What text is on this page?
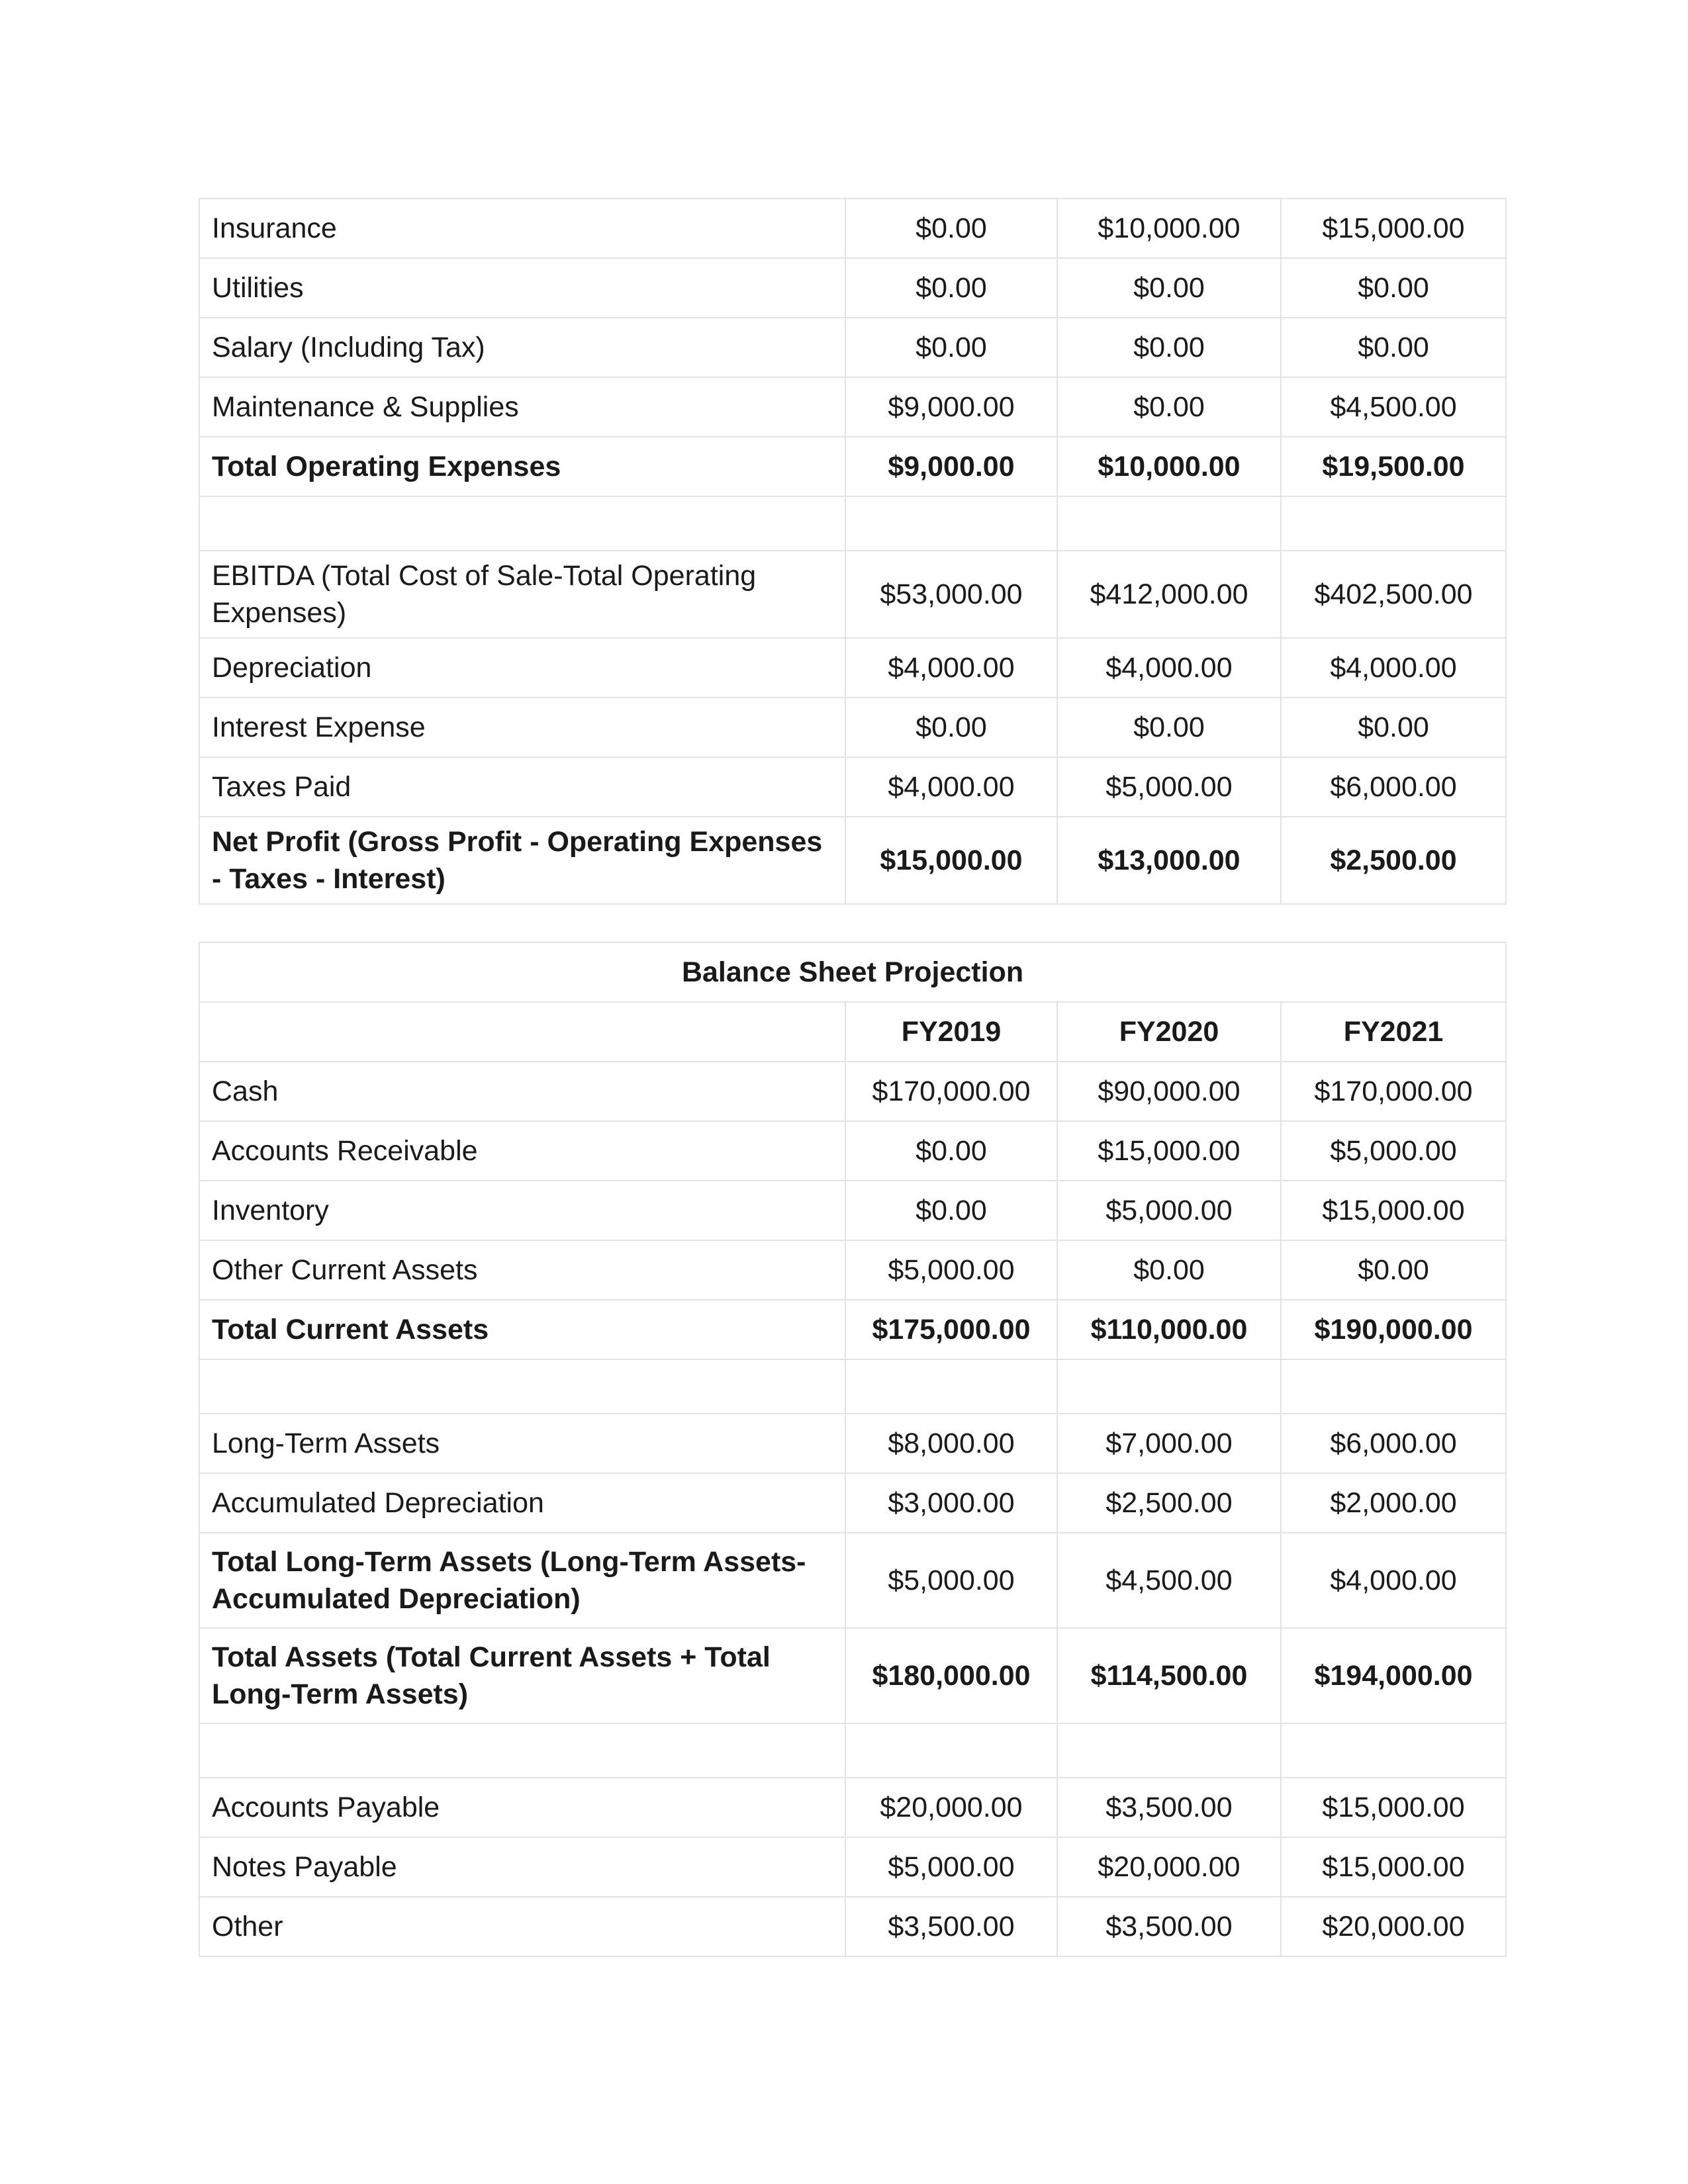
Insurance	$0.00	$10,000.00	$15,000.00
Utilities	$0.00	$0.00	$0.00
Salary (Including Tax)	$0.00	$0.00	$0.00
Maintenance & Supplies	$9,000.00	$0.00	$4,500.00
Total Operating Expenses	$9,000.00	$10,000.00	$19,500.00

EBITDA (Total Cost of Sale-Total Operating Expenses)	$53,000.00	$412,000.00	$402,500.00
Depreciation	$4,000.00	$4,000.00	$4,000.00
Interest Expense	$0.00	$0.00	$0.00
Taxes Paid	$4,000.00	$5,000.00	$6,000.00
Net Profit (Gross Profit - Operating Expenses - Taxes - Interest)	$15,000.00	$13,000.00	$2,500.00
Balance Sheet Projection			
	FY2019	FY2020	FY2021
Cash	$170,000.00	$90,000.00	$170,000.00
Accounts Receivable	$0.00	$15,000.00	$5,000.00
Inventory	$0.00	$5,000.00	$15,000.00
Other Current Assets	$5,000.00	$0.00	$0.00
Total Current Assets	$175,000.00	$110,000.00	$190,000.00

Long-Term Assets	$8,000.00	$7,000.00	$6,000.00
Accumulated Depreciation	$3,000.00	$2,500.00	$2,000.00
Total Long-Term Assets (Long-Term Assets-Accumulated Depreciation)	$5,000.00	$4,500.00	$4,000.00
Total Assets (Total Current Assets + Total Long-Term Assets)	$180,000.00	$114,500.00	$194,000.00

Accounts Payable	$20,000.00	$3,500.00	$15,000.00
Notes Payable	$5,000.00	$20,000.00	$15,000.00
Other	$3,500.00	$3,500.00	$20,000.00
